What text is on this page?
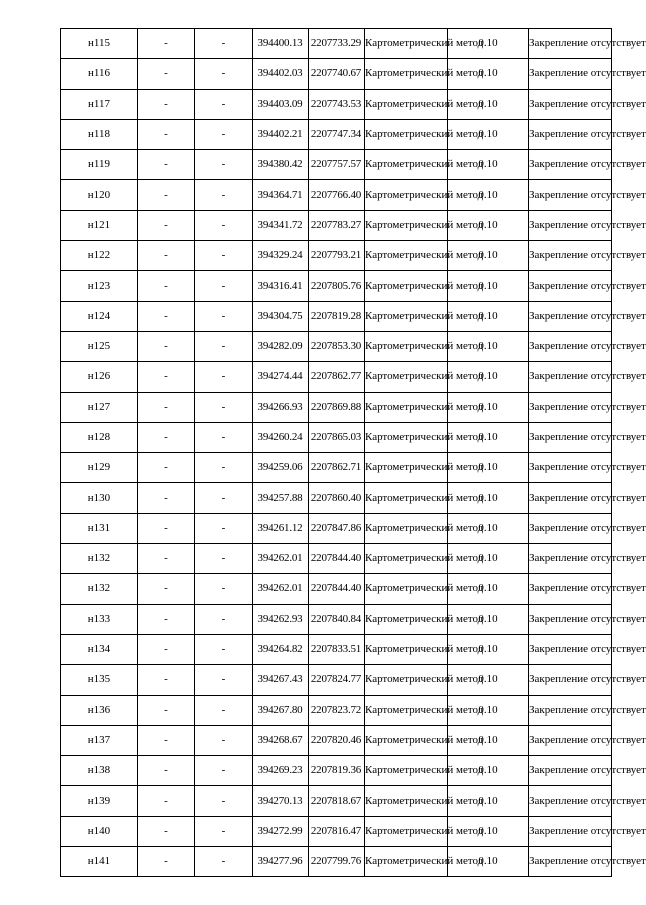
н115	-	-	394400.13	2207733.29	Картометрический метод	0.10	Закрепление отсутствует
н116	-	-	394402.03	2207740.67	Картометрический метод	0.10	Закрепление отсутствует
н117	-	-	394403.09	2207743.53	Картометрический метод	0.10	Закрепление отсутствует
н118	-	-	394402.21	2207747.34	Картометрический метод	0.10	Закрепление отсутствует
н119	-	-	394380.42	2207757.57	Картометрический метод	0.10	Закрепление отсутствует
н120	-	-	394364.71	2207766.40	Картометрический метод	0.10	Закрепление отсутствует
н121	-	-	394341.72	2207783.27	Картометрический метод	0.10	Закрепление отсутствует
н122	-	-	394329.24	2207793.21	Картометрический метод	0.10	Закрепление отсутствует
н123	-	-	394316.41	2207805.76	Картометрический метод	0.10	Закрепление отсутствует
н124	-	-	394304.75	2207819.28	Картометрический метод	0.10	Закрепление отсутствует
н125	-	-	394282.09	2207853.30	Картометрический метод	0.10	Закрепление отсутствует
н126	-	-	394274.44	2207862.77	Картометрический метод	0.10	Закрепление отсутствует
н127	-	-	394266.93	2207869.88	Картометрический метод	0.10	Закрепление отсутствует
н128	-	-	394260.24	2207865.03	Картометрический метод	0.10	Закрепление отсутствует
н129	-	-	394259.06	2207862.71	Картометрический метод	0.10	Закрепление отсутствует
н130	-	-	394257.88	2207860.40	Картометрический метод	0.10	Закрепление отсутствует
н131	-	-	394261.12	2207847.86	Картометрический метод	0.10	Закрепление отсутствует
н132	-	-	394262.01	2207844.40	Картометрический метод	0.10	Закрепление отсутствует
н132	-	-	394262.01	2207844.40	Картометрический метод	0.10	Закрепление отсутствует
н133	-	-	394262.93	2207840.84	Картометрический метод	0.10	Закрепление отсутствует
н134	-	-	394264.82	2207833.51	Картометрический метод	0.10	Закрепление отсутствует
н135	-	-	394267.43	2207824.77	Картометрический метод	0.10	Закрепление отсутствует
н136	-	-	394267.80	2207823.72	Картометрический метод	0.10	Закрепление отсутствует
н137	-	-	394268.67	2207820.46	Картометрический метод	0.10	Закрепление отсутствует
н138	-	-	394269.23	2207819.36	Картометрический метод	0.10	Закрепление отсутствует
н139	-	-	394270.13	2207818.67	Картометрический метод	0.10	Закрепление отсутствует
н140	-	-	394272.99	2207816.47	Картометрический метод	0.10	Закрепление отсутствует
н141	-	-	394277.96	2207799.76	Картометрический метод	0.10	Закрепление отсутствует
